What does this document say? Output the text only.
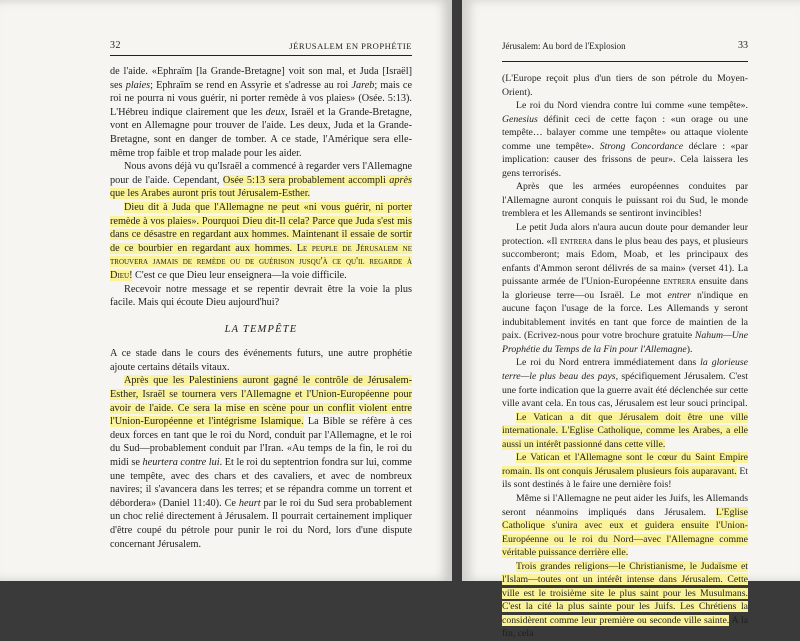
32	JÉRUSALEM EN PROPHÉTIE

de l'aide. «Ephraïm [la Grande-Bretagne] voit son mal, et Juda [Israël] ses plaies; Ephraïm se rend en Assyrie et s'adresse au roi Jareb; mais ce roi ne pourra ni vous guérir, ni porter remède à vos plaies» (Osée. 5:13). L'Hébreu indique clairement que les deux, Israël et la Grande-Bretagne, vont en Allemagne pour trouver de l'aide. Les deux, Juda et la Grande-Bretagne, sont en danger de tomber. A ce stade, l'Amérique sera elle-même trop faible et trop malade pour les aider.

Nous avons déjà vu qu'Israël a commencé à regarder vers l'Allemagne pour de l'aide. Cependant, Osée 5:13 sera probablement accompli après que les Arabes auront pris tout Jérusalem-Esther.

Dieu dit à Juda que l'Allemagne ne peut «ni vous guérir, ni porter remède à vos plaies». Pourquoi Dieu dit-Il cela? Parce que Juda s'est mis dans ce désastre en regardant aux hommes. Maintenant il essaie de sortir de ce bourbier en regardant aux hommes. Le peuple de Jérusalem ne trouvera jamais de remède ou de guérison jusqu'à ce qu'il regarde à Dieu! C'est ce que Dieu leur enseignera—la voie difficile.

Recevoir notre message et se repentir devrait être la voie la plus facile. Mais qui écoute Dieu aujourd'hui?

LA TEMPÊTE

A ce stade dans le cours des événements futurs, une autre prophétie ajoute certains détails vitaux.

Après que les Palestiniens auront gagné le contrôle de Jérusalem-Esther, Israël se tournera vers l'Allemagne et l'Union-Européenne pour avoir de l'aide. Ce sera la mise en scène pour un conflit violent entre l'Union-Européenne et l'intégrisme Islamique. La Bible se réfère à ces deux forces en tant que le roi du Nord, conduit par l'Allemagne, et le roi du Sud—probablement conduit par l'Iran. «Au temps de la fin, le roi du midi se heurtera contre lui. Et le roi du septentrion fondra sur lui, comme une tempête, avec des chars et des cavaliers, et avec de nombreux navires; il s'avancera dans les terres; et se répandra comme un torrent et débordera» (Daniel 11:40). Ce heurt par le roi du Sud sera probablement un choc relié directement à Jérusalem. Il pourrait certainement impliquer d'être coupé du pétrole pour punir le roi du Nord, lors d'une dispute concernant Jérusalem.

Jérusalem: Au bord de l'Explosion	33

(L'Europe reçoit plus d'un tiers de son pétrole du Moyen-Orient).

Le roi du Nord viendra contre lui comme «une tempête». Genesius définit ceci de cette façon : «un orage ou une tempête… balayer comme une tempête» ou attaque violente comme une tempête». Strong Concordance déclare : «par implication: causer des frissons de peur». Cela laissera les gens terrorisés.

Après que les armées européennes conduites par l'Allemagne auront conquis le puissant roi du Sud, le monde tremblera et les Allemands se sentiront invincibles!

Le petit Juda alors n'aura aucun doute pour demander leur protection. «Il entrera dans le plus beau des pays, et plusieurs succomberont; mais Edom, Moab, et les principaux des enfants d'Ammon seront délivrés de sa main» (verset 41). La puissante armée de l'Union-Européenne entrera ensuite dans la glorieuse terre—ou Israël. Le mot entrer n'indique en aucune façon l'usage de la force. Les Allemands y seront indubitablement invités en tant que force de maintien de la paix. (Ecrivez-nous pour votre brochure gratuite Nahum—Une Prophétie du Temps de la Fin pour l'Allemagne).

Le roi du Nord entrera immédiatement dans la glorieuse terre—le plus beau des pays, spécifiquement Jérusalem. C'est une forte indication que la guerre avait été déclenchée sur cette ville avant cela. En tous cas, Jérusalem est leur souci principal.

Le Vatican a dit que Jérusalem doit être une ville internationale. L'Eglise Catholique, comme les Arabes, a elle aussi un intérêt passionné dans cette ville.

Le Vatican et l'Allemagne sont le cœur du Saint Empire romain. Ils ont conquis Jérusalem plusieurs fois auparavant. Et ils sont destinés à le faire une dernière fois!

Même si l'Allemagne ne peut aider les Juifs, les Allemands seront néanmoins impliqués dans Jérusalem. L'Eglise Catholique s'unira avec eux et guidera ensuite l'Union-Européenne ou le roi du Nord—avec l'Allemagne comme véritable puissance derrière elle.

Trois grandes religions—le Christianisme, le Judaïsme et l'Islam—toutes ont un intérêt intense dans Jérusalem. Cette ville est le troisième site le plus saint pour les Musulmans. C'est la cité la plus sainte pour les Juifs. Les Chrétiens la considèrent comme leur première ou seconde ville sainte. A la fin, cela
